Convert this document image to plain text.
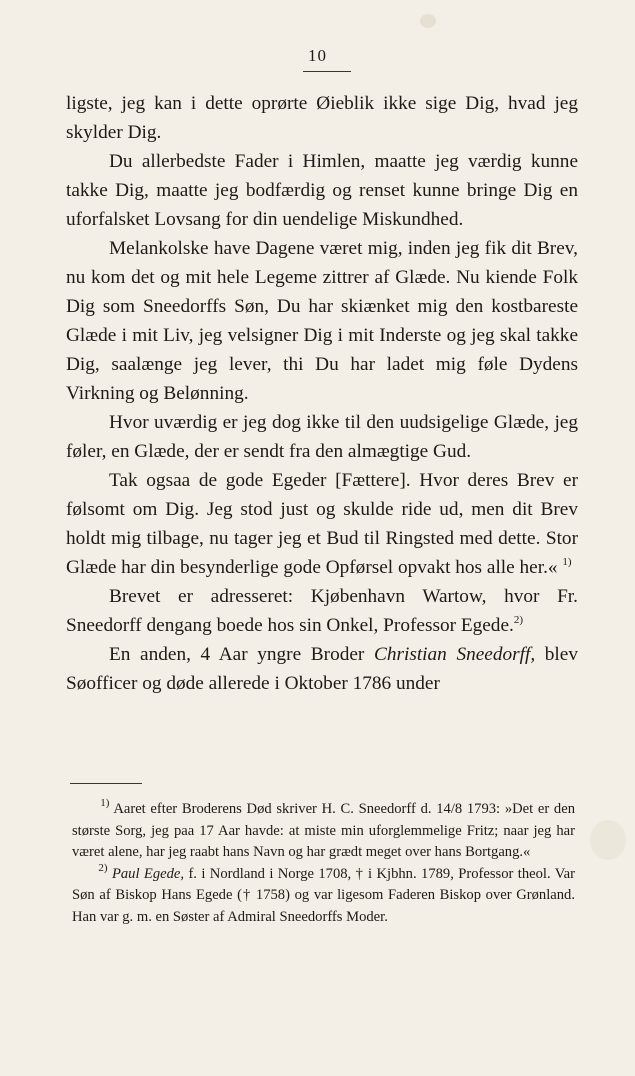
10

ligste, jeg kan i dette oprørte Øieblik ikke sige Dig, hvad jeg skylder Dig.

Du allerbedste Fader i Himlen, maatte jeg værdig kunne takke Dig, maatte jeg bodfærdig og renset kunne bringe Dig en uforfalsket Lovsang for din uendelige Miskundhed.

Melankolske have Dagene været mig, inden jeg fik dit Brev, nu kom det og mit hele Legeme zittrer af Glæde. Nu kiende Folk Dig som Sneedorffs Søn, Du har skiænket mig den kostbareste Glæde i mit Liv, jeg velsigner Dig i mit Inderste og jeg skal takke Dig, saalænge jeg lever, thi Du har ladet mig føle Dydens Virkning og Belønning.

Hvor uværdig er jeg dog ikke til den uudsigelige Glæde, jeg føler, en Glæde, der er sendt fra den almægtige Gud.

Tak ogsaa de gode Egeder [Fættere]. Hvor deres Brev er følsomt om Dig. Jeg stod just og skulde ride ud, men dit Brev holdt mig tilbage, nu tager jeg et Bud til Ringsted med dette. Stor Glæde har din besynderlige gode Opførsel opvakt hos alle her.« $^{1)}$

Brevet er adresseret: Kjøbenhavn Wartow, hvor Fr. Sneedorff dengang boede hos sin Onkel, Professor Egede.$^{2)}$

En anden, 4 Aar yngre Broder Christian Sneedorff, blev Søofficer og døde allerede i Oktober 1786 under

$^{1)}$ Aaret efter Broderens Død skriver H. C. Sneedorff d. 14/8 1793: »Det er den største Sorg, jeg paa 17 Aar havde: at miste min uforglemmelige Fritz; naar jeg har været alene, har jeg raabt hans Navn og har grædt meget over hans Bortgang.«

$^{2)}$ Paul Egede, f. i Nordland i Norge 1708, † i Kjbhn. 1789, Professor theol. Var Søn af Biskop Hans Egede († 1758) og var ligesom Faderen Biskop over Grønland. Han var g. m. en Søster af Admiral Sneedorffs Moder.
